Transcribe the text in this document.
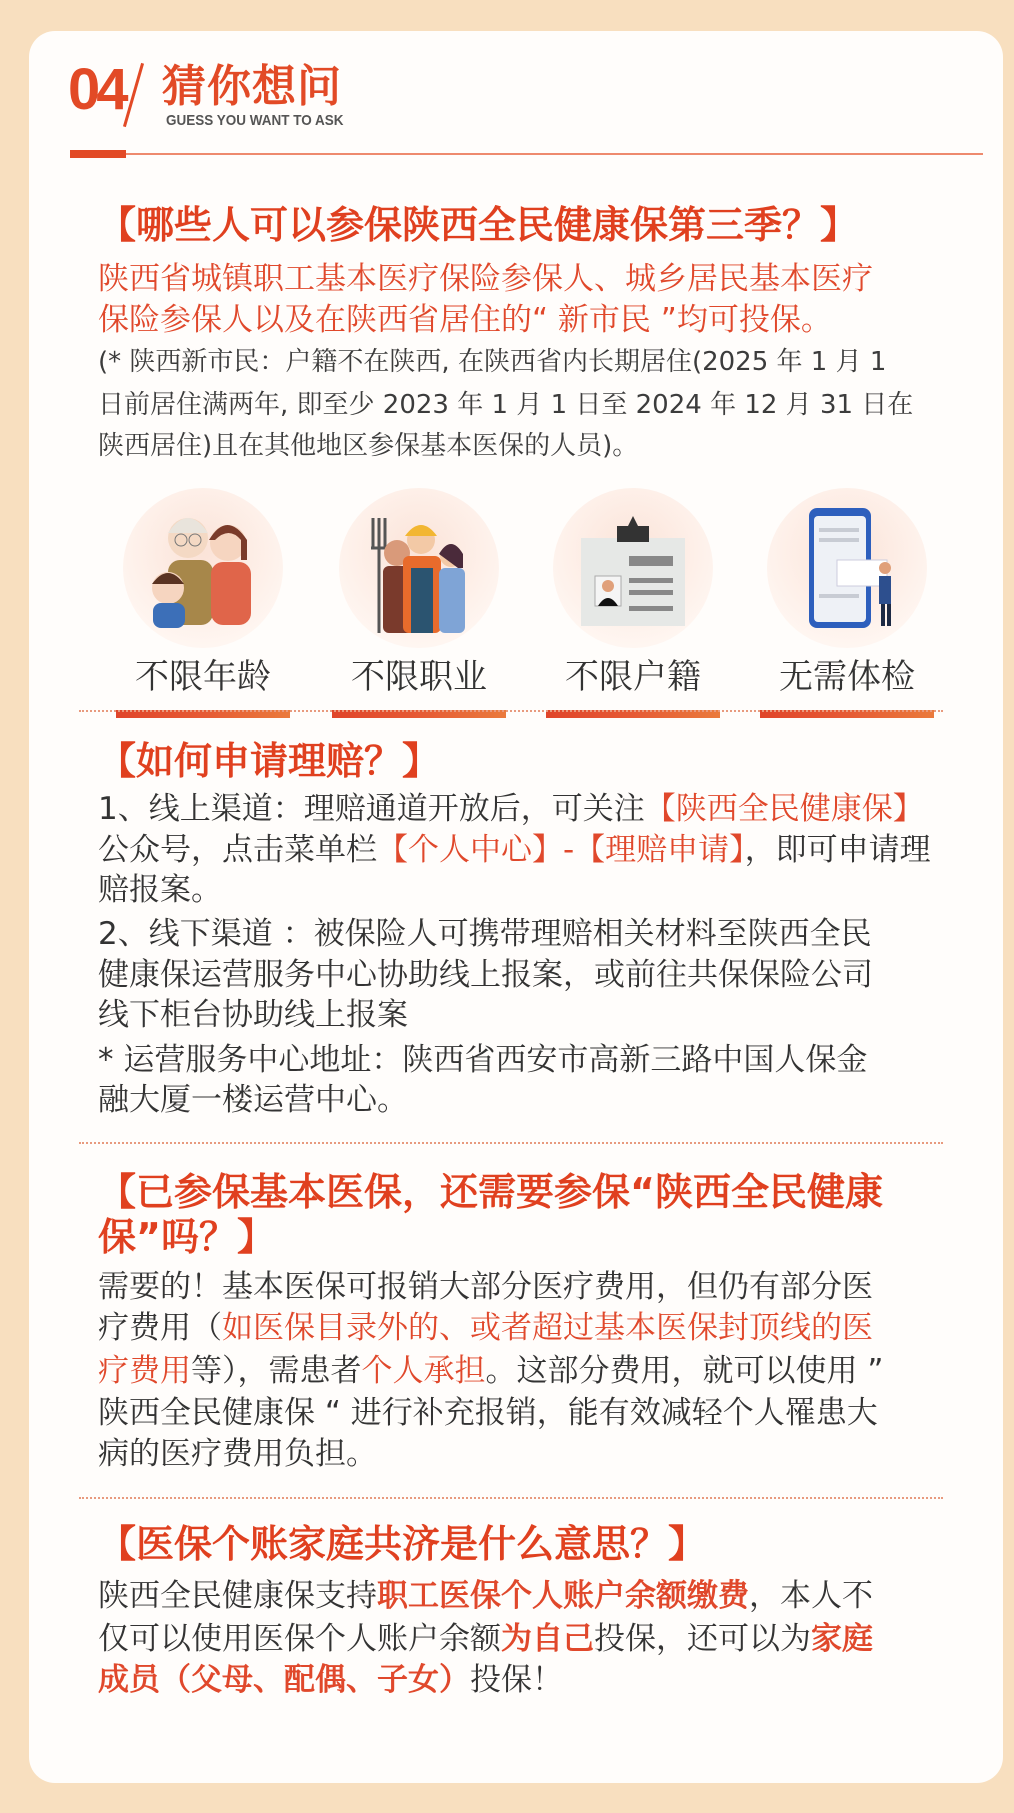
04 猜你想问
GUESS YOU WANT TO ASK
不限年龄	不限职业	不限户籍	无需体检
【哪些人可以参保陕西全民健康保第三季？】
陕西省城镇职工基本医疗保险参保人、城乡居民基本医疗
保险参保人以及在陕西省居住的“ 新市民 ”均可投保。
(* 陕西新市民：户籍不在陕西, 在陕西省内长期居住(2025 年 1 月 1
日前居住满两年, 即至少 2023 年 1 月 1 日至 2024 年 12 月 31 日在
陕西居住)且在其他地区参保基本医保的人员)。
【如何申请理赔？】
1、线上渠道：理赔通道开放后，可关注【陕西全民健康保】
公众号，点击菜单栏【个人中心】-【理赔申请】，即可申请理
赔报案。
2、线下渠道 ：被保险人可携带理赔相关材料至陕西全民
健康保运营服务中心协助线上报案，或前往共保保险公司
线下柜台协助线上报案
* 运营服务中心地址：陕西省西安市高新三路中国人保金
融大厦一楼运营中心。
【已参保基本医保，还需要参保“陕西全民健康
保”吗？】
需要的！基本医保可报销大部分医疗费用，但仍有部分医
疗费用（如医保目录外的、或者超过基本医保封顶线的医
疗费用等），需患者个人承担。这部分费用，就可以使用 ”
陕西全民健康保 “ 进行补充报销，能有效减轻个人罹患大
病的医疗费用负担。
【医保个账家庭共济是什么意思？】
陕西全民健康保支持职工医保个人账户余额缴费，本人不
仅可以使用医保个人账户余额为自己投保，还可以为家庭
成员（父母、配偶、子女）投保！
